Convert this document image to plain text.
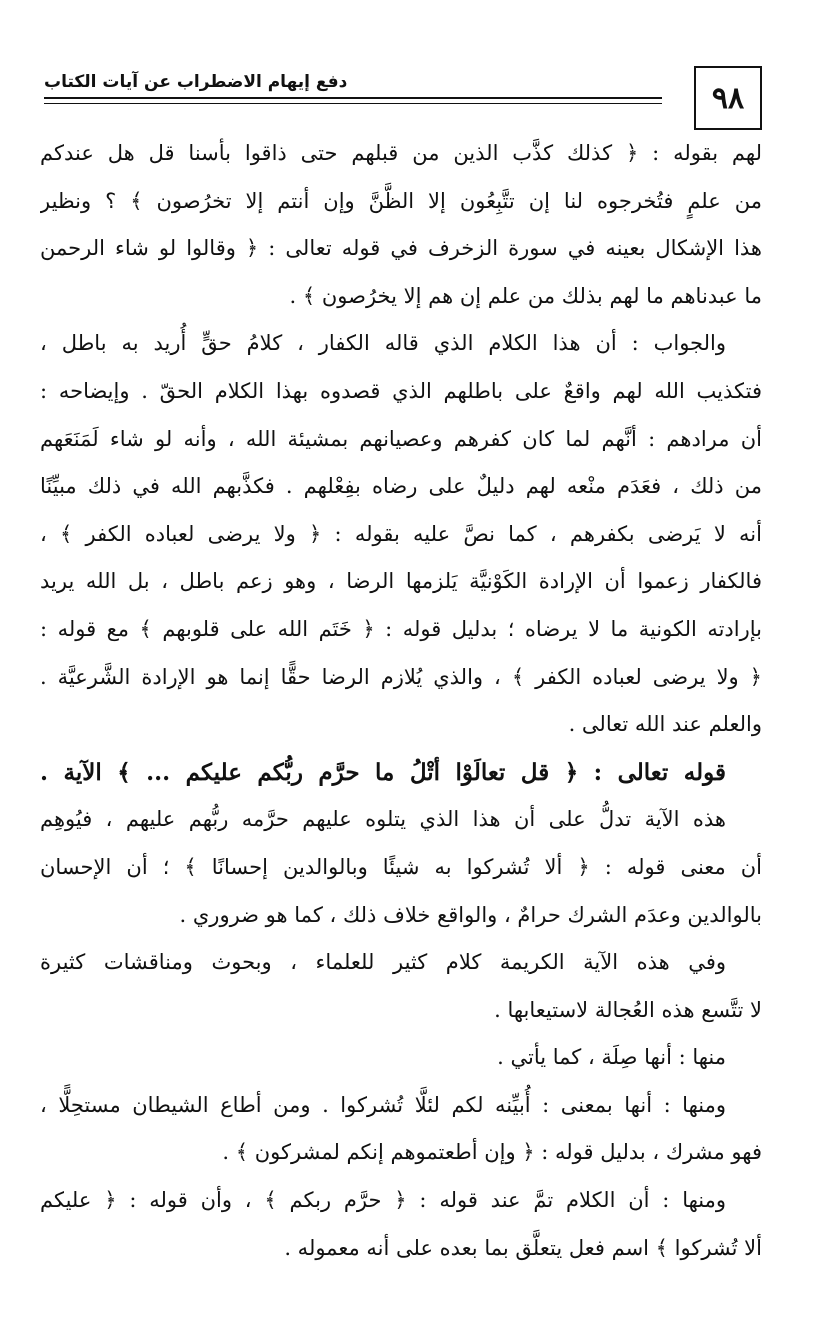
دفع إيهام الاضطراب عن آيات الكتاب	٩٨
لهم بقوله : ﴿ كذلك كذَّب الذين من قبلهم حتى ذاقوا بأسنا قل هل عندكم
من علمٍ فتُخرجوه لنا إن تتَّبِعُون إلا الظَّنَّ وإن أنتم إلا تخرُصون ﴾ ؟ ونظير
هذا الإشكال بعينه في سورة الزخرف في قوله تعالى : ﴿ وقالوا لو شاء الرحمن
ما عبدناهم ما لهم بذلك من علم إن هم إلا يخرُصون ﴾ .
والجواب : أن هذا الكلام الذي قاله الكفار ، كلامُ حقٍّ أُريد به باطل ،
فتكذيب الله لهم واقعٌ على باطلهم الذي قصدوه بهذا الكلام الحقّ . وإيضاحه :
أن مرادهم : أنَّهم لما كان كفرهم وعصيانهم بمشيئة الله ، وأنه لو شاء لَمَنَعَهم
من ذلك ، فعَدَم منْعه لهم دليلٌ على رضاه بفِعْلهم . فكذَّبهم الله في ذلك مبيِّنًا
أنه لا يَرضى بكفرهم ، كما نصَّ عليه بقوله : ﴿ ولا يرضى لعباده الكفر ﴾ ،
فالكفار زعموا أن الإرادة الكَوْنيَّة يَلزمها الرضا ، وهو زعم باطل ، بل الله يريد
بإرادته الكونية ما لا يرضاه ؛ بدليل قوله : ﴿ خَتَم الله على قلوبهم ﴾ مع قوله :
﴿ ولا يرضى لعباده الكفر ﴾ ، والذي يُلازم الرضا حقًّا إنما هو الإرادة الشَّرعيَّة .
والعلم عند الله تعالى .
قوله تعالى : ﴿ قل تعالَوْا أتْلُ ما حرَّم ربُّكم عليكم ... ﴾ الآية .
هذه الآية تدلُّ على أن هذا الذي يتلوه عليهم حرَّمه ربُّهم عليهم ، فيُوهِم
أن معنى قوله : ﴿ ألا تُشركوا به شيئًا وبالوالدين إحسانًا ﴾ ؛ أن الإحسان
بالوالدين وعدَم الشرك حرامٌ ، والواقع خلاف ذلك ، كما هو ضروري .
وفي هذه الآية الكريمة كلام كثير للعلماء ، وبحوث ومناقشات كثيرة
لا تتَّسع هذه العُجالة لاستيعابها .
منها : أنها صِلَة ، كما يأتي .
ومنها : أنها بمعنى : أُبيِّنه لكم لئلَّا تُشركوا . ومن أطاع الشيطان مستحِلًّا ،
فهو مشرك ، بدليل قوله : ﴿ وإن أطعتموهم إنكم لمشركون ﴾ .
ومنها : أن الكلام تمَّ عند قوله : ﴿ حرَّم ربكم ﴾ ، وأن قوله : ﴿ عليكم
ألا تُشركوا ﴾ اسم فعل يتعلَّق بما بعده على أنه معموله .
